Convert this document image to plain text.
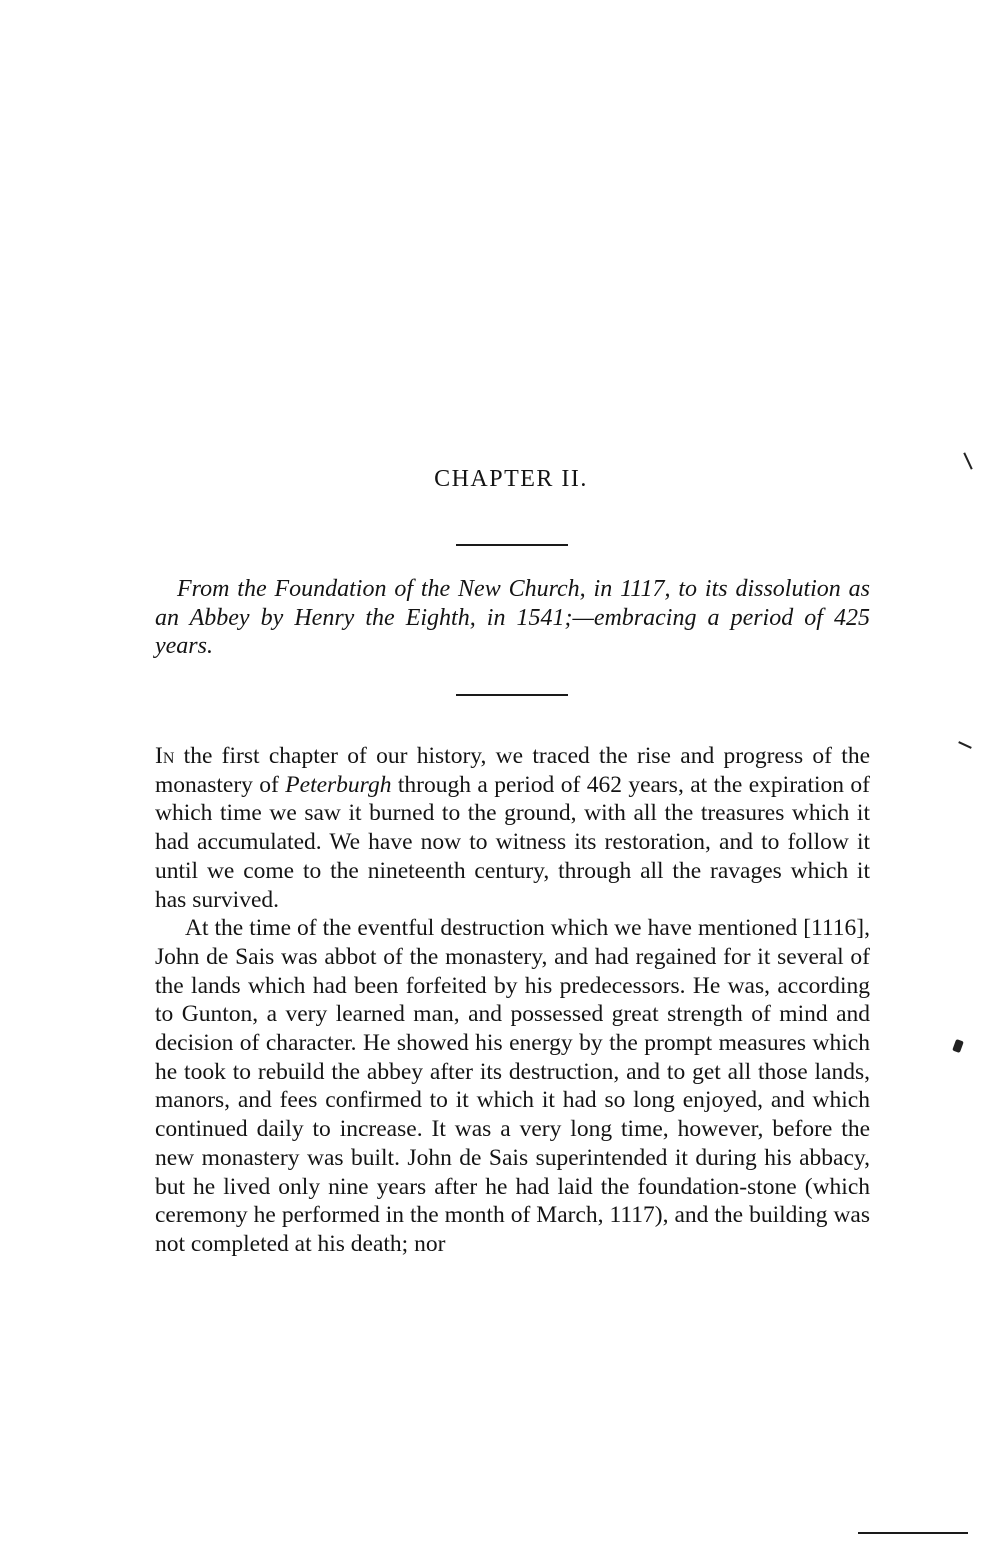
CHAPTER II.

From the Foundation of the New Church, in 1117, to its dissolution as an Abbey by Henry the Eighth, in 1541;—embracing a period of 425 years.

In the first chapter of our history, we traced the rise and progress of the monastery of Peterburgh through a period of 462 years, at the expiration of which time we saw it burned to the ground, with all the treasures which it had accumulated. We have now to witness its restoration, and to follow it until we come to the nineteenth century, through all the ravages which it has survived.

At the time of the eventful destruction which we have mentioned [1116], John de Sais was abbot of the monastery, and had regained for it several of the lands which had been forfeited by his predecessors. He was, according to Gunton, a very learned man, and possessed great strength of mind and decision of character. He showed his energy by the prompt measures which he took to rebuild the abbey after its destruction, and to get all those lands, manors, and fees confirmed to it which it had so long enjoyed, and which continued daily to increase. It was a very long time, however, before the new monastery was built. John de Sais superintended it during his abbacy, but he lived only nine years after he had laid the foundation-stone (which ceremony he performed in the month of March, 1117), and the building was not completed at his death; nor
